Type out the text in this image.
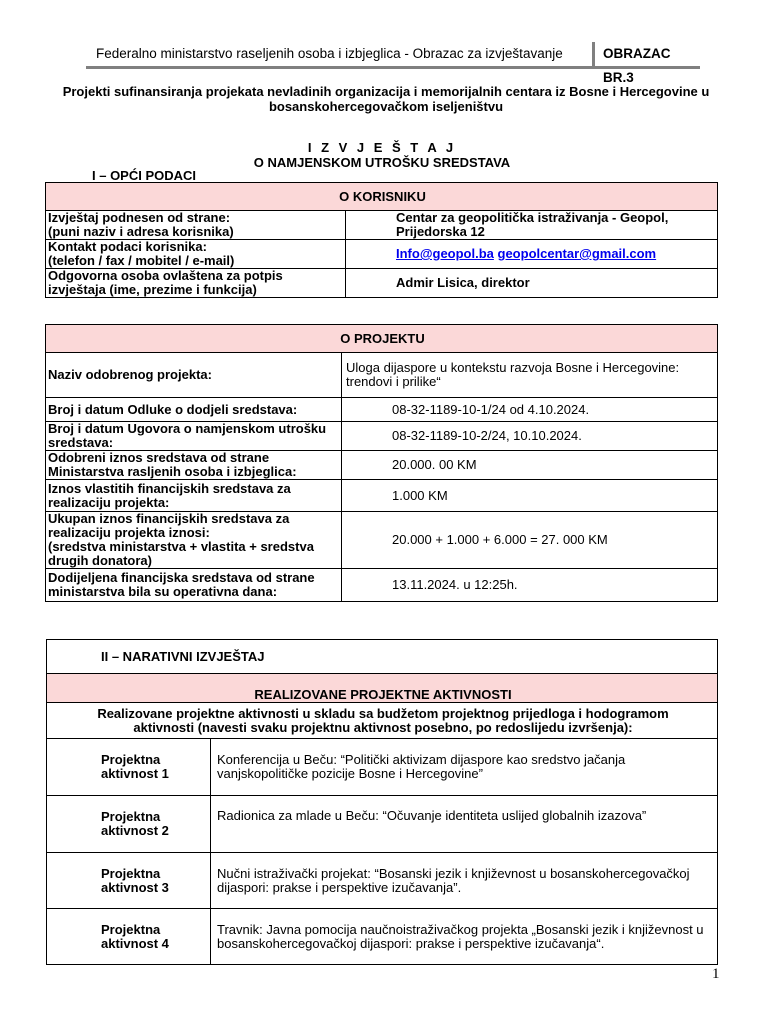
Federalno ministarstvo raseljenih osoba i izbjeglica - Obrazac za izvještavanje	OBRAZAC BR.3
Projekti sufinansiranja projekata nevladinih organizacija i memorijalnih centara iz Bosne i Hercegovine u
bosanskohercegovačkom iseljeništvu
I Z V J E Š T A J
O NAMJENSKOM UTROŠKU SREDSTAVA
I – OPĆI PODACI
O KORISNIKU	
Izvještaj podnesen od strane:
(puni naziv i adresa korisnika)	Centar za geopolitička istraživanja - Geopol,
Prijedorska 12
Kontakt podaci korisnika:
(telefon / fax / mobitel / e-mail)	Info@geopol.ba geopolcentar@gmail.com
Odgovorna osoba ovlaštena za potpis
izvještaja (ime, prezime i funkcija)	Admir Lisica, direktor
O PROJEKTU	
Naziv odobrenog projekta:	Uloga dijaspore u kontekstu razvoja Bosne i Hercegovine:
trendovi i prilike“
Broj i datum Odluke o dodjeli sredstava:	08-32-1189-10-1/24 od 4.10.2024.
Broj i datum Ugovora o namjenskom utrošku
sredstava:	08-32-1189-10-2/24, 10.10.2024.
Odobreni iznos sredstava od strane
Ministarstva rasljenih osoba i izbjeglica:	20.000. 00 KM
Iznos vlastitih financijskih sredstava za
realizaciju projekta:	1.000 KM
Ukupan iznos financijskih sredstava za
realizaciju projekta iznosi:
(sredstva ministarstva + vlastita + sredstva
drugih donatora)	20.000 + 1.000 + 6.000 = 27. 000 KM
Dodijeljena financijska sredstava od strane
ministarstva bila su operativna dana:	13.11.2024. u 12:25h.
II – NARATIVNI IZVJEŠTAJ	
REALIZOVANE PROJEKTNE AKTIVNOSTI	
Realizovane projektne aktivnosti u skladu sa budžetom projektnog prijedloga i hodogramom
aktivnosti (navesti svaku projektnu aktivnost posebno, po redoslijedu izvršenja):	
Projektna
aktivnost 1	Konferencija u Beču: “Politički aktivizam dijaspore kao sredstvo jačanja
vanjskopolitičke pozicije Bosne i Hercegovine”
Projektna
aktivnost 2	Radionica za mlade u Beču: “Očuvanje identiteta uslijed globalnih izazova”
Projektna
aktivnost 3	Nučni istraživački projekat: “Bosanski jezik i književnost u bosanskohercegovačkoj
dijaspori: prakse i perspektive izučavanja”.
Projektna
aktivnost 4	Travnik: Javna pomocija naučnoistraživačkog projekta „Bosanski jezik i književnost u
bosanskohercegovačkoj dijaspori: prakse i perspektive izučavanja“.
1
